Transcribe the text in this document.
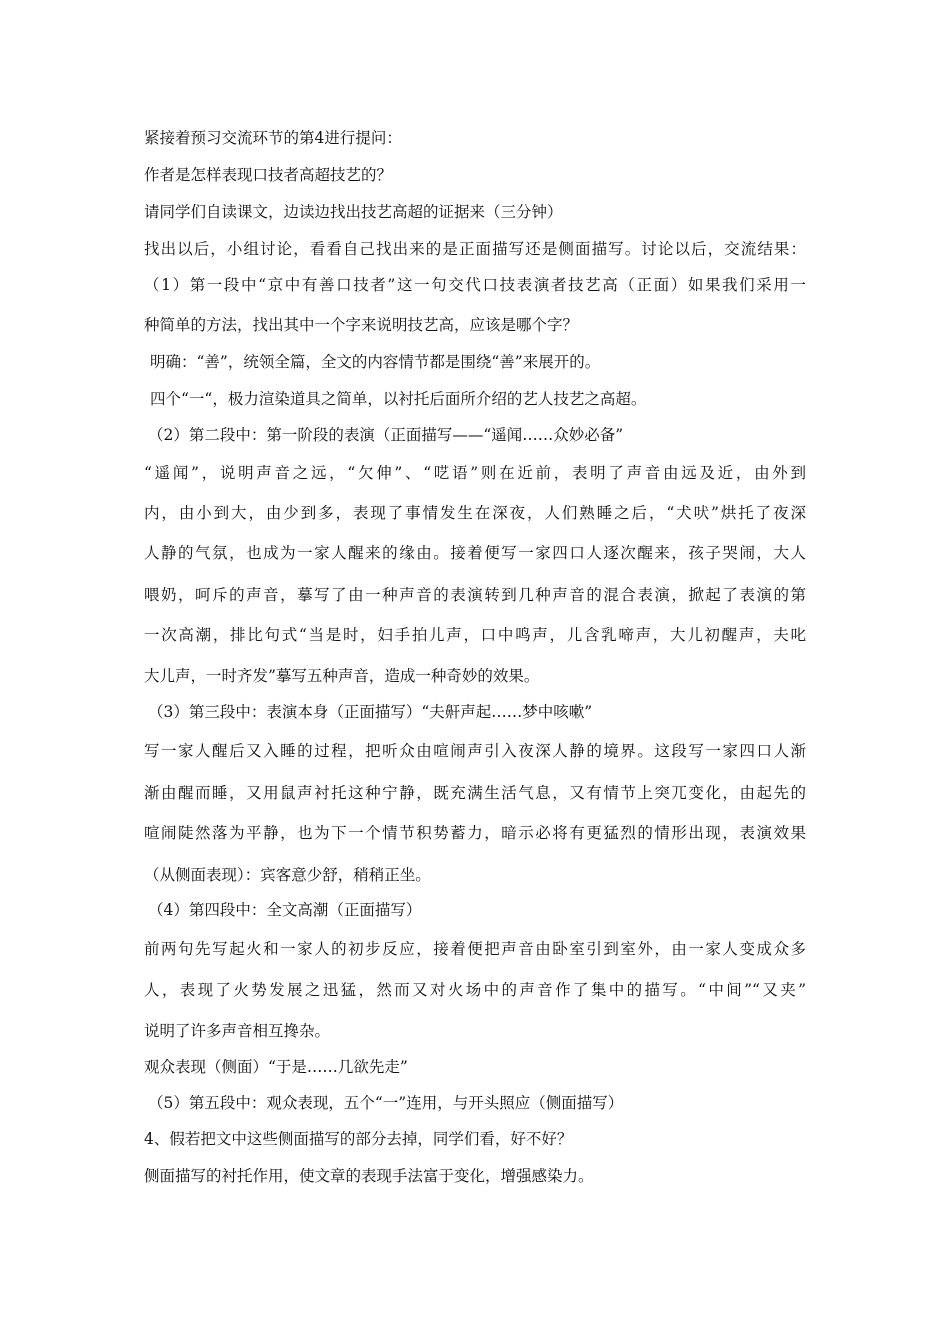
紧接着预习交流环节的第4进行提问：

作者是怎样表现口技者高超技艺的？

请同学们自读课文，边读边找出技艺高超的证据来（三分钟）

找出以后，小组讨论，看看自己找出来的是正面描写还是侧面描写。讨论以后，交流结果：

（1）第一段中“京中有善口技者”这一句交代口技表演者技艺高（正面）如果我们采用一

种简单的方法，找出其中一个字来说明技艺高，应该是哪个字？

明确：“善”，统领全篇，全文的内容情节都是围绕“善”来展开的。

四个“一“，极力渲染道具之简单，以衬托后面所介绍的艺人技艺之高超。

（2）第二段中：第一阶段的表演（正面描写——“遥闻……众妙必备”

“遥闻”，说明声音之远，“欠伸”、“呓语”则在近前，表明了声音由远及近，由外到

内，由小到大，由少到多，表现了事情发生在深夜，人们熟睡之后，“犬吠”烘托了夜深

人静的气氛，也成为一家人醒来的缘由。接着便写一家四口人逐次醒来，孩子哭闹，大人

喂奶，呵斥的声音，摹写了由一种声音的表演转到几种声音的混合表演，掀起了表演的第

一次高潮，排比句式“当是时，妇手拍儿声，口中鸣声，儿含乳啼声，大儿初醒声，夫叱

大儿声，一时齐发”摹写五种声音，造成一种奇妙的效果。

（3）第三段中：表演本身（正面描写）“夫鼾声起……梦中咳嗽”

写一家人醒后又入睡的过程，把听众由喧闹声引入夜深人静的境界。这段写一家四口人渐

渐由醒而睡，又用鼠声衬托这种宁静，既充满生活气息，又有情节上突兀变化，由起先的

喧闹陡然落为平静，也为下一个情节积势蓄力，暗示必将有更猛烈的情形出现，表演效果

（从侧面表现）：宾客意少舒，稍稍正坐。

（4）第四段中：全文高潮（正面描写）

前两句先写起火和一家人的初步反应，接着便把声音由卧室引到室外，由一家人变成众多

人，表现了火势发展之迅猛，然而又对火场中的声音作了集中的描写。“中间”“又夹”

说明了许多声音相互搀杂。

观众表现（侧面）“于是……几欲先走”

（5）第五段中：观众表现，五个“一”连用，与开头照应（侧面描写）

4、假若把文中这些侧面描写的部分去掉，同学们看，好不好？

侧面描写的衬托作用，使文章的表现手法富于变化，增强感染力。
